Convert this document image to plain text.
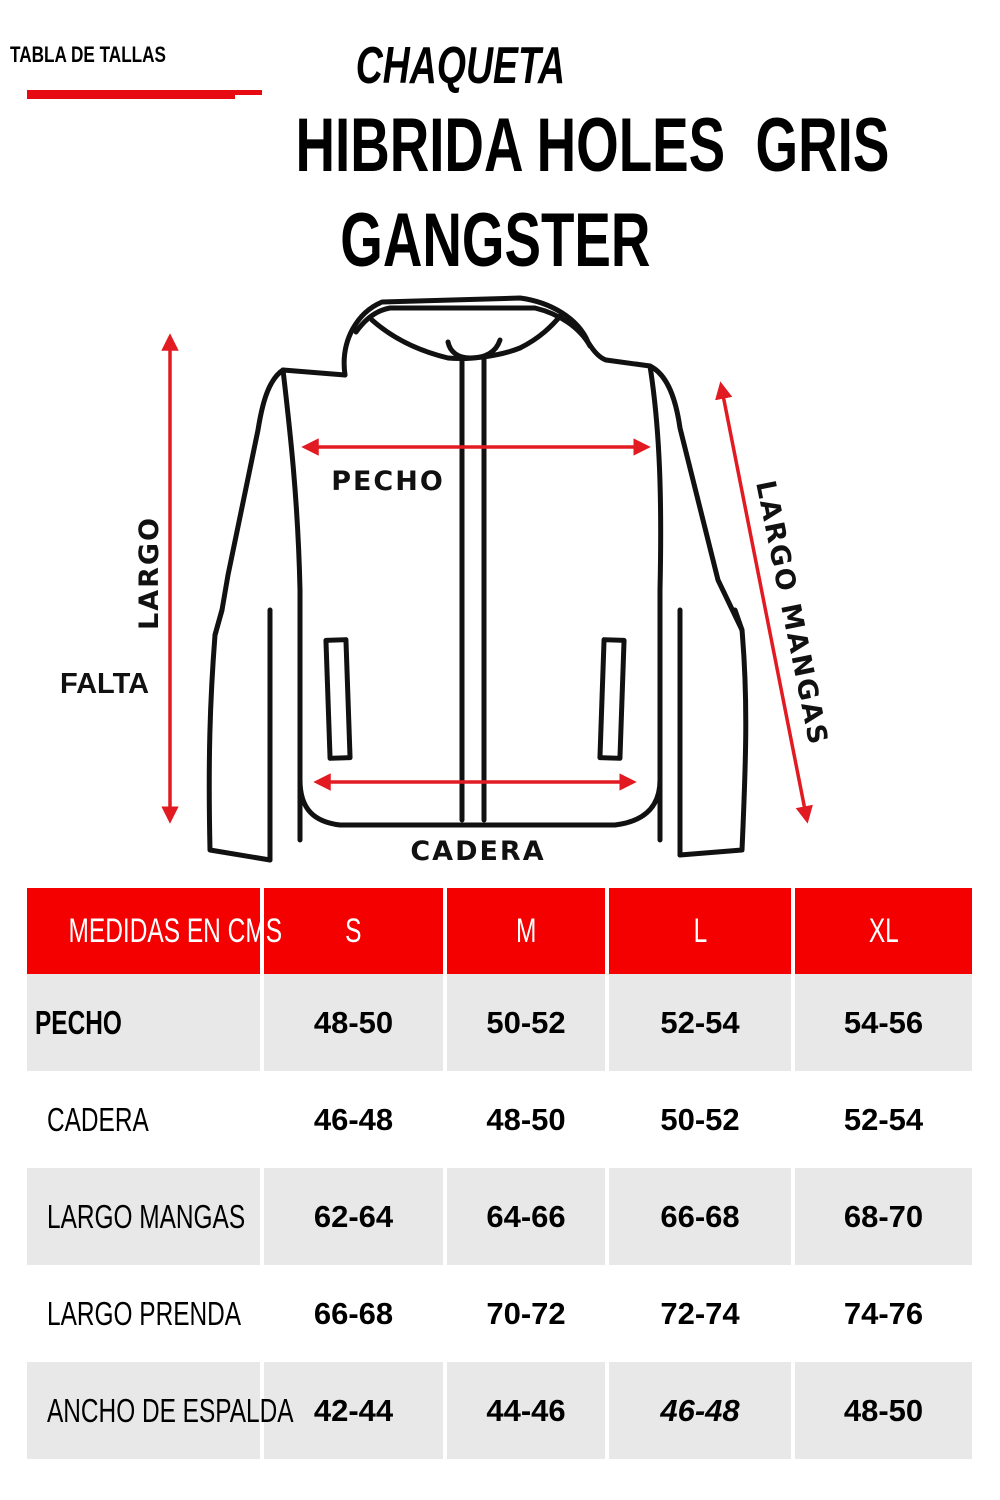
TABLA DE TALLAS	CHAQUETA
HIBRIDA HOLES  GRIS
GANGSTER
PECHO
CADERA
LARGO
FALTA	LARGO MANGAS
MEDIDAS EN CMS	S	M	L	XL
PECHO	48-50	50-52	52-54	54-56
CADERA	46-48	48-50	50-52	52-54
LARGO MANGAS	62-64	64-66	66-68	68-70
LARGO PRENDA	66-68	70-72	72-74	74-76
ANCHO DE ESPALDA	42-44	44-46	46-48	48-50
